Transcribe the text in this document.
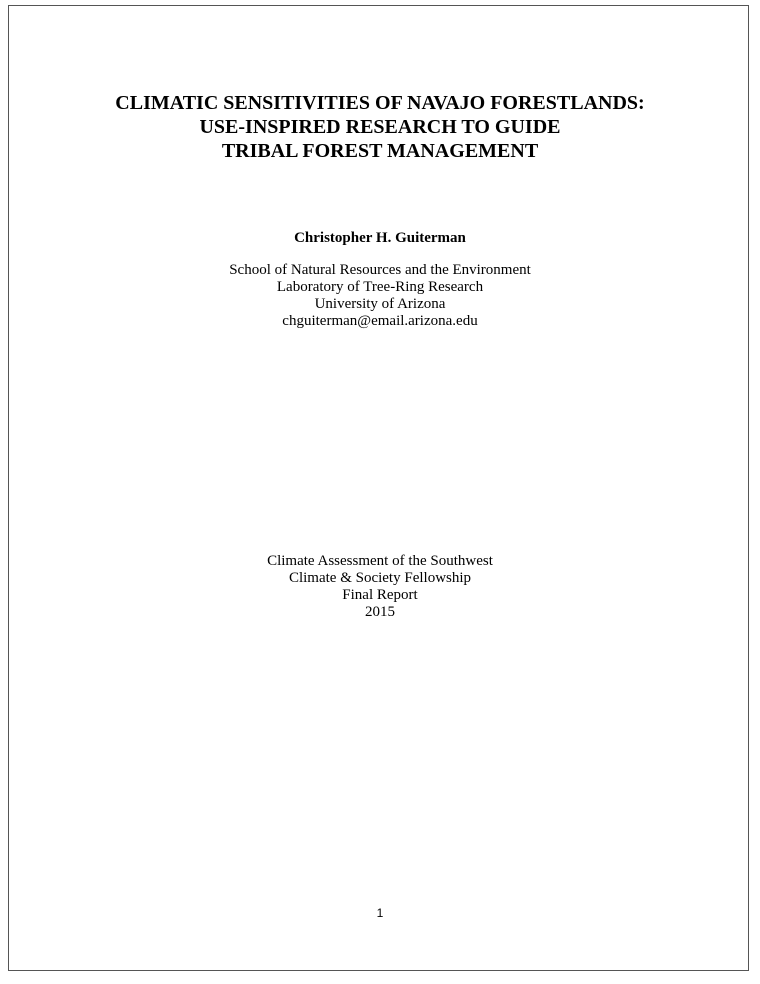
CLIMATIC SENSITIVITIES OF NAVAJO FORESTLANDS:
USE-INSPIRED RESEARCH TO GUIDE
TRIBAL FOREST MANAGEMENT
Christopher H. Guiterman
School of Natural Resources and the Environment
Laboratory of Tree-Ring Research
University of Arizona
chguiterman@email.arizona.edu
Climate Assessment of the Southwest
Climate & Society Fellowship
Final Report
2015
1
